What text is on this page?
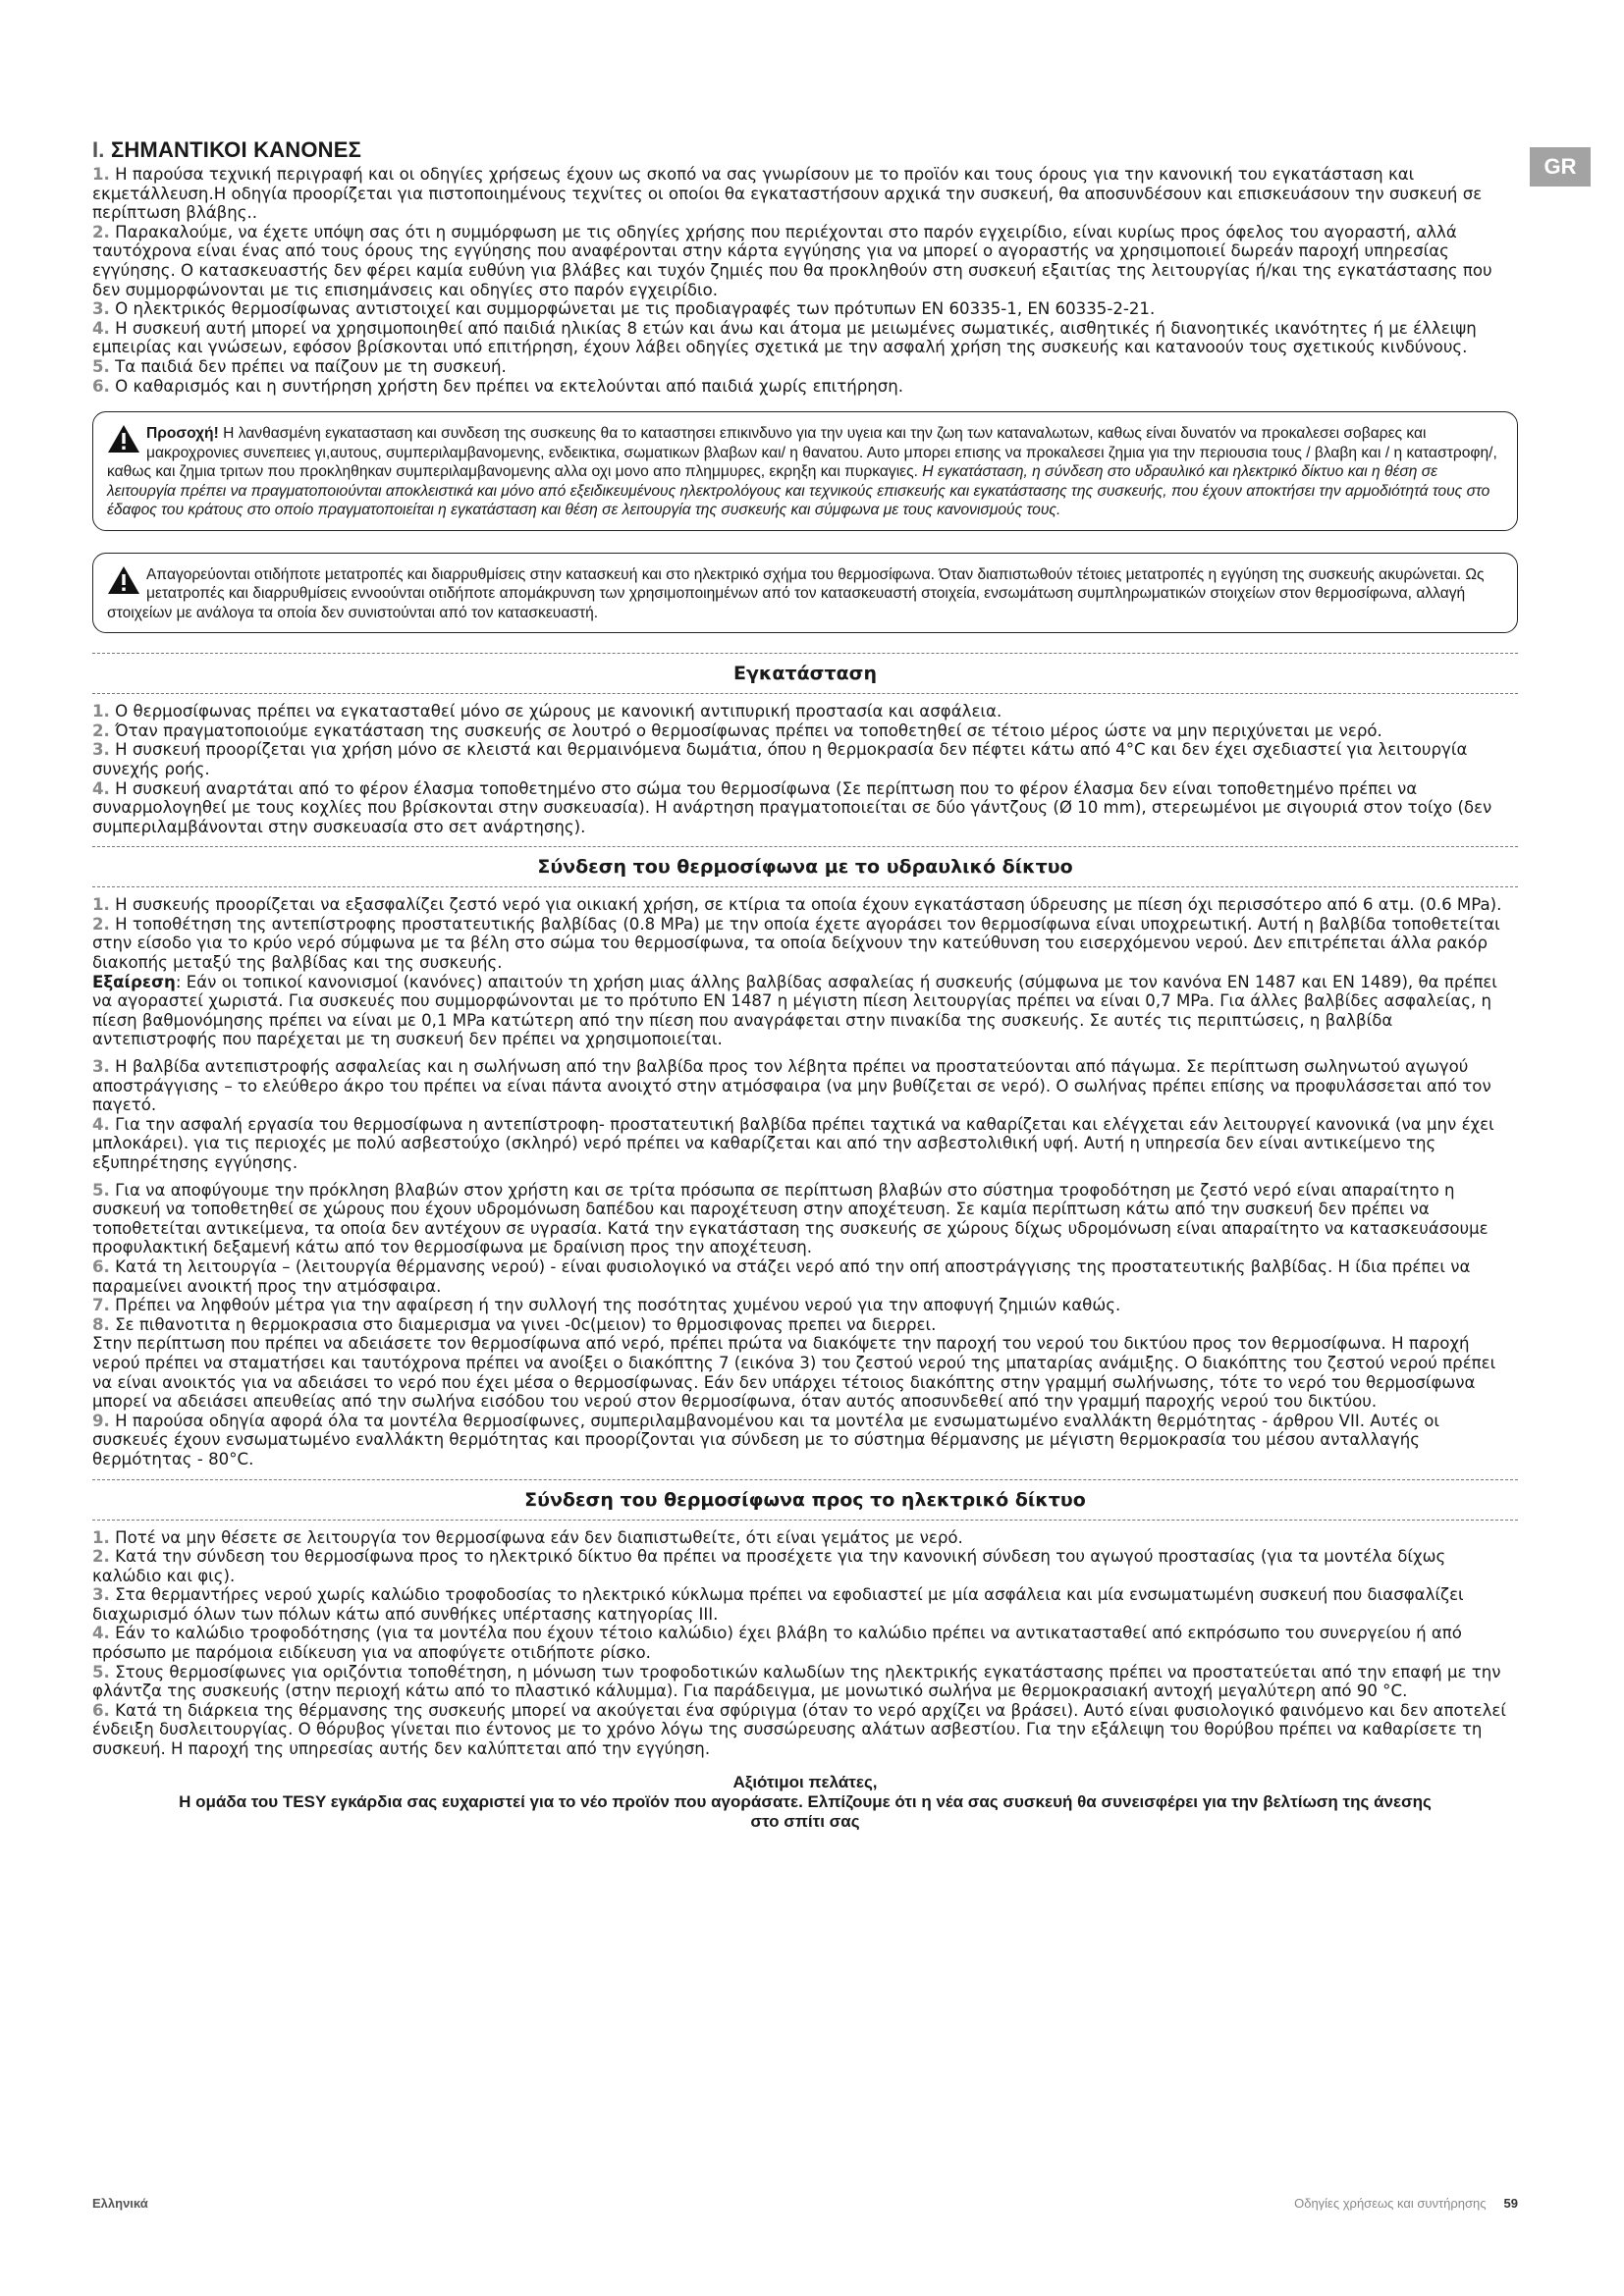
GR
I. ΣΗΜΑΝΤΙΚΟΙ ΚΑΝΟΝΕΣ

1. Η παρούσα τεχνική περιγραφή και οι οδηγίες χρήσεως έχουν ως σκοπό να σας γνωρίσουν με το προϊόν και τους όρους για την κανονική του εγκατάσταση και εκμετάλλευση.Η οδηγία προορίζεται για πιστοποιημένους τεχνίτες οι οποίοι θα εγκαταστήσουν αρχικά την συσκευή, θα αποσυνδέσουν και επισκευάσουν την συσκευή σε περίπτωση βλάβης..

2. Παρακαλούμε, να έχετε υπόψη σας ότι η συμμόρφωση με τις οδηγίες χρήσης που περιέχονται στο παρόν εγχειρίδιο, είναι κυρίως προς όφελος του αγοραστή, αλλά ταυτόχρονα είναι ένας από τους όρους της εγγύησης που αναφέρονται στην κάρτα εγγύησης για να μπορεί ο αγοραστής να χρησιμοποιεί δωρεάν παροχή υπηρεσίας εγγύησης. Ο κατασκευαστής δεν φέρει καμία ευθύνη για βλάβες και τυχόν ζημιές που θα προκληθούν στη συσκευή εξαιτίας της λειτουργίας ή/και της εγκατάστασης που δεν συμμορφώνονται με τις επισημάνσεις και οδηγίες στο παρόν εγχειρίδιο.

3. Ο ηλεκτρικός θερμοσίφωνας αντιστοιχεί και συμμορφώνεται με τις προδιαγραφές των πρότυπων EN 60335-1, EN 60335-2-21.

4. Η συσκευή αυτή μπορεί να χρησιμοποιηθεί από παιδιά ηλικίας 8 ετών και άνω και άτομα με μειωμένες σωματικές, αισθητικές ή διανοητικές ικανότητες ή με έλλειψη εμπειρίας και γνώσεων, εφόσον βρίσκονται υπό επιτήρηση, έχουν λάβει οδηγίες σχετικά με την ασφαλή χρήση της συσκευής και κατανοούν τους σχετικούς κινδύνους.

5. Τα παιδιά δεν πρέπει να παίζουν με τη συσκευή.

6. Ο καθαρισμός και η συντήρηση χρήστη δεν πρέπει να εκτελούνται από παιδιά χωρίς επιτήρηση.

Προσοχή! Η λανθασμένη εγκατασταση και συνδεση της συσκευης θα το καταστησει επικινδυνο για την υγεια και την ζωη των καταναλωτων, καθως είναι δυνατόν να προκαλεσει σοβαρες και μακροχρονιες συνεπειες γι,αυτους, συμπεριλαμβανομενης, ενδεικτικα, σωματικων βλαβων και/ η θανατου. Αυτο μπορει επισης να προκαλεσει ζημια για την περιουσια τους / βλαβη και / η καταστροφη/, καθως και ζημια τριτων που προκληθηκαν συμπεριλαμβανομενης αλλα οχι μονο απο πλημμυρες, εκρηξη και πυρκαγιες. Η εγκατάσταση, η σύνδεση στο υδραυλικό και ηλεκτρικό δίκτυο και η θέση σε λειτουργία πρέπει να πραγματοποιούνται αποκλειστικά και μόνο από εξειδικευμένους ηλεκτρολόγους και τεχνικούς επισκευής και εγκατάστασης της συσκευής, που έχουν αποκτήσει την αρμοδιότητά τους στο έδαφος του κράτους στο οποίο πραγματοποιείται η εγκατάσταση και θέση σε λειτουργία της συσκευής και σύμφωνα με τους κανονισμούς τους.
Απαγορεύονται οτιδήποτε μετατροπές και διαρρυθμίσεις στην κατασκευή και στο ηλεκτρικό σχήμα του θερμοσίφωνα. Όταν διαπιστωθούν τέτοιες μετατροπές η εγγύηση της συσκευής ακυρώνεται. Ως μετατροπές και διαρρυθμίσεις εννοούνται οτιδήποτε απομάκρυνση των χρησιμοποιημένων από τον κατασκευαστή στοιχεία, ενσωμάτωση συμπληρωματικών στοιχείων στον θερμοσίφωνα, αλλαγή στοιχείων με ανάλογα τα οποία δεν συνιστούνται από τον κατασκευαστή.
Εγκατάσταση

1. Ο θερμοσίφωνας πρέπει να εγκατασταθεί μόνο σε χώρους με κανονική αντιπυρική προστασία και ασφάλεια.

2. Όταν πραγματοποιούμε εγκατάσταση της συσκευής σε λουτρό ο θερμοσίφωνας πρέπει να τοποθετηθεί σε τέτοιο μέρος ώστε να μην περιχύνεται με νερό.

3. Η συσκευή προορίζεται για χρήση μόνο σε κλειστά και θερμαινόμενα δωμάτια, όπου η θερμοκρασία δεν πέφτει κάτω από 4°C και δεν έχει σχεδιαστεί για λειτουργία συνεχής ροής.

4. Η συσκευή αναρτάται από το φέρον έλασμα τοποθετημένο στο σώμα του θερμοσίφωνα (Σε περίπτωση που το φέρον έλασμα δεν είναι τοποθετημένο πρέπει να συναρμολογηθεί με τους κοχλίες που βρίσκονται στην συσκευασία). Η ανάρτηση πραγματοποιείται σε δύο γάντζους (Ø 10 mm), στερεωμένοι με σιγουριά στον τοίχο (δεν συμπεριλαμβάνονται στην συσκευασία στο σετ ανάρτησης).

Σύνδεση του θερμοσίφωνα με το υδραυλικό δίκτυο

1. Η συσκευής προορίζεται να εξασφαλίζει ζεστό νερό για οικιακή χρήση, σε κτίρια τα οποία έχουν εγκατάσταση ύδρευσης με πίεση όχι περισσότερο από 6 ατμ. (0.6 MPa).

2. Η τοποθέτηση της αντεπίστροφης προστατευτικής βαλβίδας (0.8 MPa) με την οποία έχετε αγοράσει τον θερμοσίφωνα είναι υποχρεωτική. Αυτή η βαλβίδα τοποθετείται στην είσοδο για το κρύο νερό σύμφωνα με τα βέλη στο σώμα του θερμοσίφωνα, τα οποία δείχνουν την κατεύθυνση του εισερχόμενου νερού. Δεν επιτρέπεται άλλα ρακόρ διακοπής μεταξύ της βαλβίδας και της συσκευής.

Εξαίρεση: Εάν οι τοπικοί κανονισμοί (κανόνες) απαιτούν τη χρήση μιας άλλης βαλβίδας ασφαλείας ή συσκευής (σύμφωνα με τον κανόνα EN 1487 και EN 1489), θα πρέπει να αγοραστεί χωριστά. Για συσκευές που συμμορφώνονται με το πρότυπο EN 1487 η μέγιστη πίεση λειτουργίας πρέπει να είναι 0,7 MPa. Για άλλες βαλβίδες ασφαλείας, η πίεση βαθμονόμησης πρέπει να είναι με 0,1 MPa κατώτερη από την πίεση που αναγράφεται στην πινακίδα της συσκευής. Σε αυτές τις περιπτώσεις, η βαλβίδα αντεπιστροφής που παρέχεται με τη συσκευή δεν πρέπει να χρησιμοποιείται.

3. Η βαλβίδα αντεπιστροφής ασφαλείας και η σωλήνωση από την βαλβίδα προς τον λέβητα πρέπει να προστατεύονται από πάγωμα. Σε περίπτωση σωληνωτού αγωγού αποστράγγισης – το ελεύθερο άκρο του πρέπει να είναι πάντα ανοιχτό στην ατμόσφαιρα (να μην βυθίζεται σε νερό). Ο σωλήνας πρέπει επίσης να προφυλάσσεται από τον παγετό.

4. Για την ασφαλή εργασία του θερμοσίφωνα η αντεπίστροφη- προστατευτική βαλβίδα πρέπει ταχτικά να καθαρίζεται και ελέγχεται εάν λειτουργεί κανονικά (να μην έχει μπλοκάρει). για τις περιοχές με πολύ ασβεστούχο (σκληρό) νερό πρέπει να καθαρίζεται και από την ασβεστολιθική υφή. Αυτή η υπηρεσία δεν είναι αντικείμενο της εξυπηρέτησης εγγύησης.

5. Για να αποφύγουμε την πρόκληση βλαβών στον χρήστη και σε τρίτα πρόσωπα σε περίπτωση βλαβών στο σύστημα τροφοδότηση με ζεστό νερό είναι απαραίτητο η συσκευή να τοποθετηθεί σε χώρους που έχουν υδρομόνωση δαπέδου και παροχέτευση στην αποχέτευση. Σε καμία περίπτωση κάτω από την συσκευή δεν πρέπει να τοποθετείται αντικείμενα, τα οποία δεν αντέχουν σε υγρασία. Κατά την εγκατάσταση της συσκευής σε χώρους δίχως υδρομόνωση είναι απαραίτητο να κατασκευάσουμε προφυλακτική δεξαμενή κάτω από τον θερμοσίφωνα με δραίνιση προς την αποχέτευση.

6. Κατά τη λειτουργία – (λειτουργία θέρμανσης νερού) - είναι φυσιολογικό να στάζει νερό από την οπή αποστράγγισης της προστατευτικής βαλβίδας. Η ίδια πρέπει να παραμείνει ανοικτή προς την ατμόσφαιρα.

7. Πρέπει να ληφθούν μέτρα για την αφαίρεση ή την συλλογή της ποσότητας χυμένου νερού για την αποφυγή ζημιών καθώς.

8. Σε πιθανοτιτα η θερμοκρασια στο διαμερισμα να γινει -0c(μειον) το θρμοσιφονας πρεπει να διερρει.

Στην περίπτωση που πρέπει να αδειάσετε τον θερμοσίφωνα από νερό, πρέπει πρώτα να διακόψετε την παροχή του νερού του δικτύου προς τον θερμοσίφωνα. Η παροχή νερού πρέπει να σταματήσει και ταυτόχρονα πρέπει να ανοίξει ο διακόπτης 7 (εικόνα 3) του ζεστού νερού της μπαταρίας ανάμιξης. Ο διακόπτης του ζεστού νερού πρέπει να είναι ανοικτός για να αδειάσει το νερό που έχει μέσα ο θερμοσίφωνας. Εάν δεν υπάρχει τέτοιος διακόπτης στην γραμμή σωλήνωσης, τότε το νερό του θερμοσίφωνα μπορεί να αδειάσει απευθείας από την σωλήνα εισόδου του νερού στον θερμοσίφωνα, όταν αυτός αποσυνδεθεί από την γραμμή παροχής νερού του δικτύου.

9. Η παρούσα οδηγία αφορά όλα τα μοντέλα θερμοσίφωνες, συμπεριλαμβανομένου και τα μοντέλα με ενσωματωμένο εναλλάκτη θερμότητας - άρθρου VII. Αυτές οι συσκευές έχουν ενσωματωμένο εναλλάκτη θερμότητας και προορίζονται για σύνδεση με το σύστημα θέρμανσης με μέγιστη θερμοκρασία του μέσου ανταλλαγής θερμότητας - 80°C.

Σύνδεση του θερμοσίφωνα προς το ηλεκτρικό δίκτυο

1. Ποτέ να μην θέσετε σε λειτουργία τον θερμοσίφωνα εάν δεν διαπιστωθείτε, ότι είναι γεμάτος με νερό.

2. Κατά την σύνδεση του θερμοσίφωνα προς το ηλεκτρικό δίκτυο θα πρέπει να προσέχετε για την κανονική σύνδεση του αγωγού προστασίας (για τα μοντέλα δίχως καλώδιο και φις).

3. Στα θερμαντήρες νερού χωρίς καλώδιο τροφοδοσίας το ηλεκτρικό κύκλωμα πρέπει να εφοδιαστεί με μία ασφάλεια και μία ενσωματωμένη συσκευή που διασφαλίζει διαχωρισμό όλων των πόλων κάτω από συνθήκες υπέρτασης κατηγορίας III.

4. Εάν το καλώδιο τροφοδότησης (για τα μοντέλα που έχουν τέτοιο καλώδιο) έχει βλάβη το καλώδιο πρέπει να αντικατασταθεί από εκπρόσωπο του συνεργείου ή από πρόσωπο με παρόμοια ειδίκευση για να αποφύγετε οτιδήποτε ρίσκο.

5. Στους θερμοσίφωνες για οριζόντια τοποθέτηση, η μόνωση των τροφοδοτικών καλωδίων της ηλεκτρικής εγκατάστασης πρέπει να προστατεύεται από την επαφή με την φλάντζα της συσκευής (στην περιοχή κάτω από το πλαστικό κάλυμμα). Για παράδειγμα, με μονωτικό σωλήνα με θερμοκρασιακή αντοχή μεγαλύτερη από 90 °C.

6. Κατά τη διάρκεια της θέρμανσης της συσκευής μπορεί να ακούγεται ένα σφύριγμα (όταν το νερό αρχίζει να βράσει). Αυτό είναι φυσιολογικό φαινόμενο και δεν αποτελεί ένδειξη δυσλειτουργίας. Ο θόρυβος γίνεται πιο έντονος με το χρόνο λόγω της συσσώρευσης αλάτων ασβεστίου. Για την εξάλειψη του θορύβου πρέπει να καθαρίσετε τη συσκευή. Η παροχή της υπηρεσίας αυτής δεν καλύπτεται από την εγγύηση.

Αξιότιμοι πελάτες,
Η ομάδα του TESY εγκάρδια σας ευχαριστεί για το νέο προϊόν που αγοράσατε. Ελπίζουμε ότι η νέα σας συσκευή θα συνεισφέρει για την βελτίωση της άνεσης
στο σπίτι σας
Ελληνικά	Οδηγίες χρήσεως και συντήρησης 59
